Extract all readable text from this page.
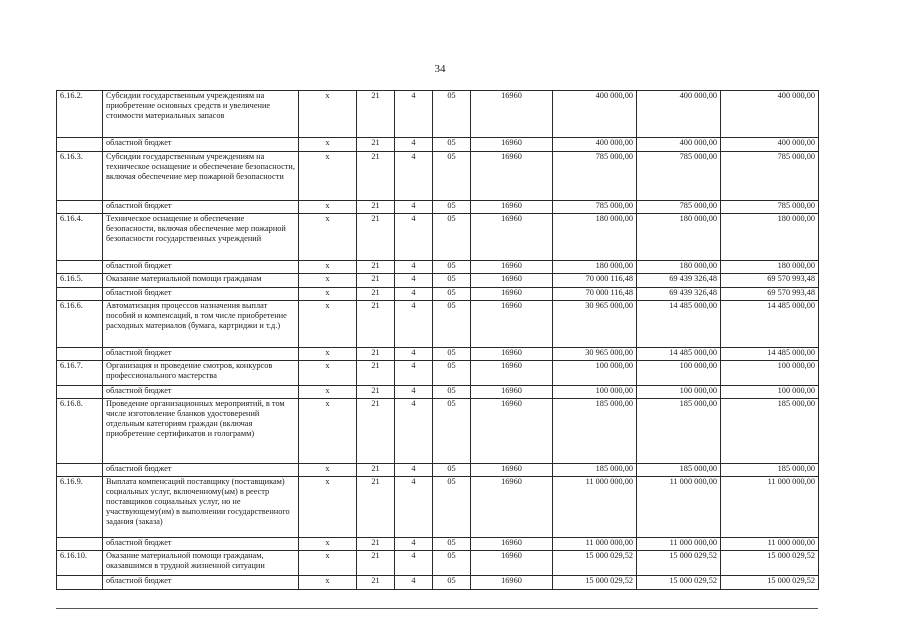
34
6.16.2.	Субсидии государственным учреждениям на приобретение основных средств и увеличение стоимости материальных запасов	x	21	4	05	16960	400 000,00	400 000,00	400 000,00
	областной бюджет	x	21	4	05	16960	400 000,00	400 000,00	400 000,00
6.16.3.	Субсидии государственным учреждениям на техническое оснащение и обеспечение безопасности, включая обеспечение мер пожарной безопасности	x	21	4	05	16960	785 000,00	785 000,00	785 000,00
	областной бюджет	x	21	4	05	16960	785 000,00	785 000,00	785 000,00
6.16.4.	Техническое оснащение и обеспечение безопасности, включая обеспечение мер пожарной безопасности государственных учреждений	x	21	4	05	16960	180 000,00	180 000,00	180 000,00
	областной бюджет	x	21	4	05	16960	180 000,00	180 000,00	180 000,00
6.16.5.	Оказание материальной помощи гражданам	x	21	4	05	16960	70 000 116,48	69 439 326,48	69 570 993,48
	областной бюджет	x	21	4	05	16960	70 000 116,48	69 439 326,48	69 570 993,48
6.16.6.	Автоматизация процессов назначения выплат пособий и компенсаций, в том числе приобретение расходных материалов (бумага, картриджи и т.д.)	x	21	4	05	16960	30 965 000,00	14 485 000,00	14 485 000,00
	областной бюджет	x	21	4	05	16960	30 965 000,00	14 485 000,00	14 485 000,00
6.16.7.	Организация и проведение смотров, конкурсов профессионального мастерства	x	21	4	05	16960	100 000,00	100 000,00	100 000,00
	областной бюджет	x	21	4	05	16960	100 000,00	100 000,00	100 000,00
6.16.8.	Проведение организационных мероприятий, в том числе изготовление бланков удостоверений отдельным категориям граждан (включая приобретение сертификатов и голограмм)	x	21	4	05	16960	185 000,00	185 000,00	185 000,00
	областной бюджет	x	21	4	05	16960	185 000,00	185 000,00	185 000,00
6.16.9.	Выплата компенсаций поставщику (поставщикам) социальных услуг, включенному(ым) в реестр поставщиков социальных услуг, но не участвующему(им) в выполнении государственного задания (заказа)	x	21	4	05	16960	11 000 000,00	11 000 000,00	11 000 000,00
	областной бюджет	x	21	4	05	16960	11 000 000,00	11 000 000,00	11 000 000,00
6.16.10.	Оказание материальной помощи гражданам, оказавшимся в трудной жизненной ситуации	x	21	4	05	16960	15 000 029,52	15 000 029,52	15 000 029,52
	областной бюджет	x	21	4	05	16960	15 000 029,52	15 000 029,52	15 000 029,52
